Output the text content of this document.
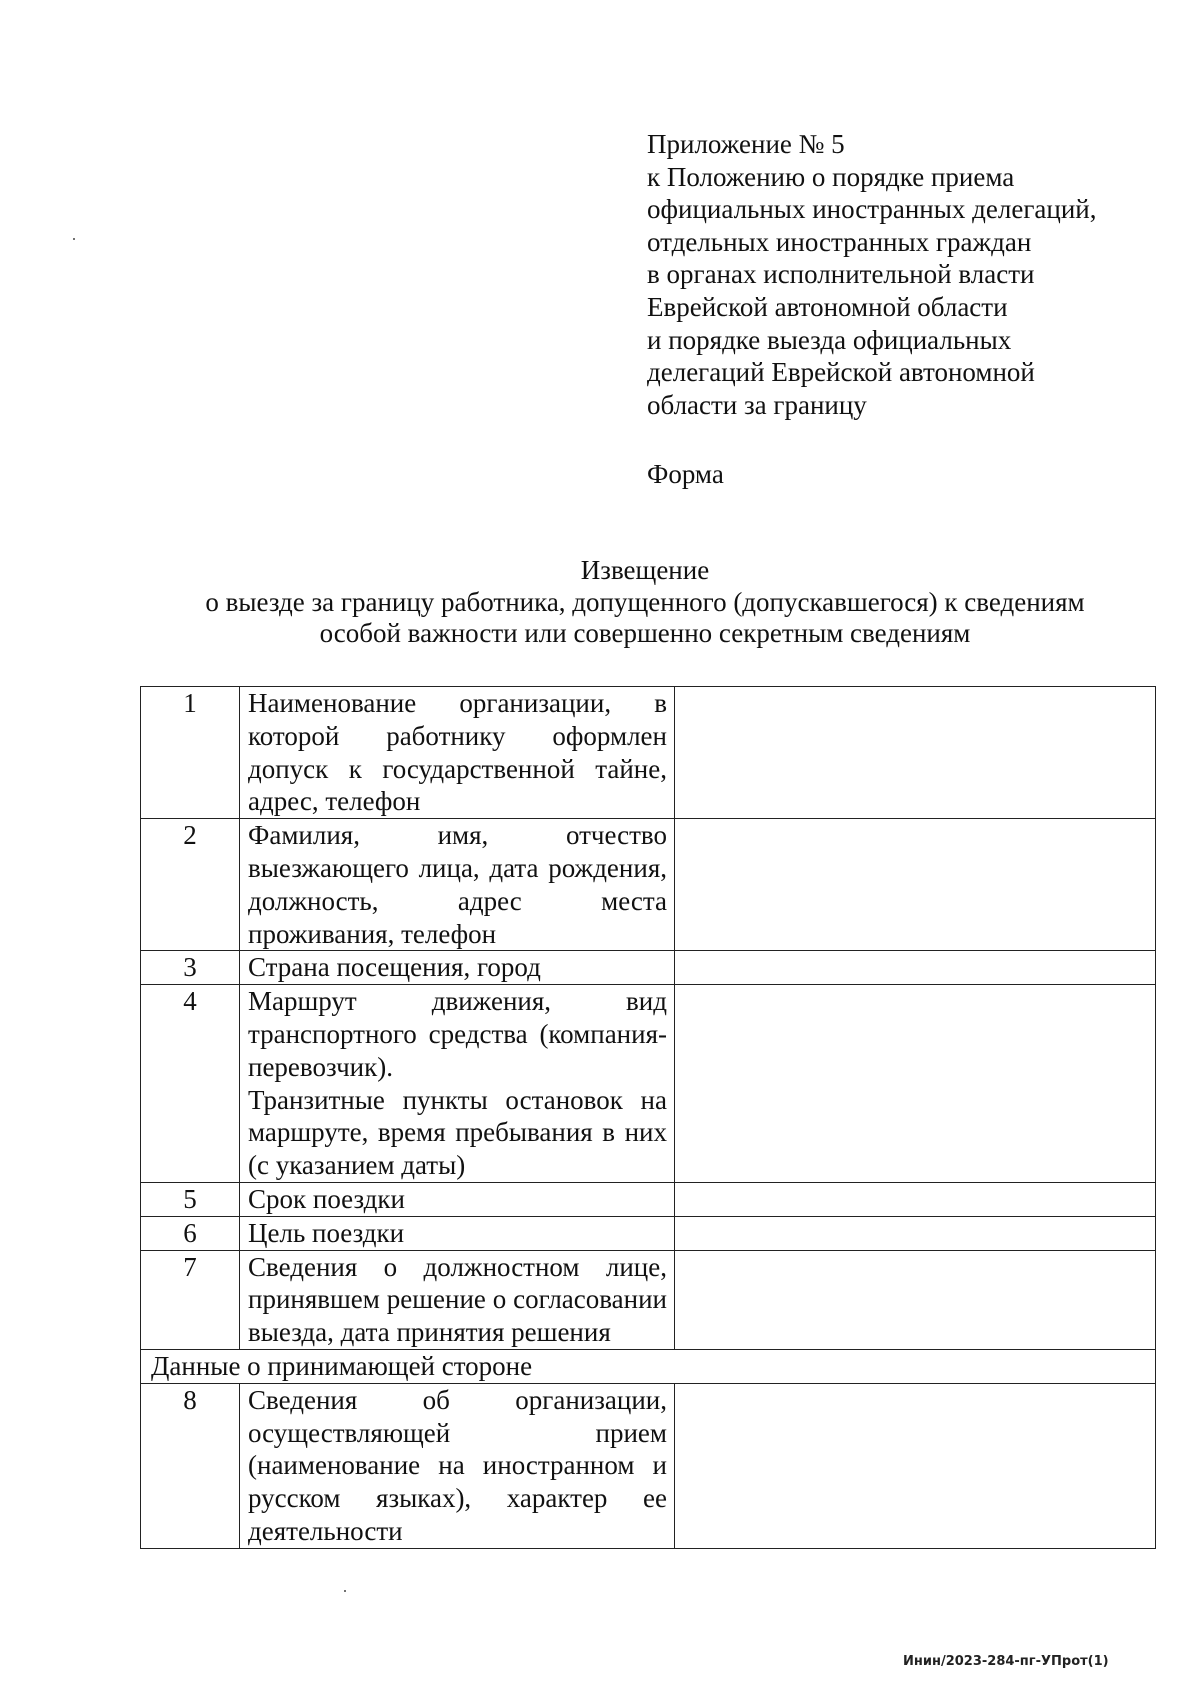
Приложение № 5
к Положению о порядке приема
официальных иностранных делегаций,
отдельных иностранных граждан
в органах исполнительной власти
Еврейской автономной области
и порядке выезда официальных
делегаций Еврейской автономной
области за границу
Форма
Извещение
о выезде за границу работника, допущенного (допускавшегося) к сведениям
особой важности или совершенно секретным сведениям
1	Наименование организации, в которой работнику оформлен допуск к государственной тайне, адрес, телефон	
2	Фамилия, имя, отчество выезжающего лица, дата рождения, должность, адрес места проживания, телефон	
3	Страна посещения, город	
4	Маршрут движения, вид транспортного средства (компания-перевозчик).
Транзитные пункты остановок на маршруте, время пребывания в них (с указанием даты)	

5	Срок поездки	
6	Цель поездки	
7	Сведения о должностном лице, принявшем решение о согласовании выезда, дата принятия решения	
Данные о принимающей стороне		
8	Сведения об организации, осуществляющей прием (наименование на иностранном и русском языках), характер ее деятельности	
Инин/2023-284-пг-УПрот(1)
